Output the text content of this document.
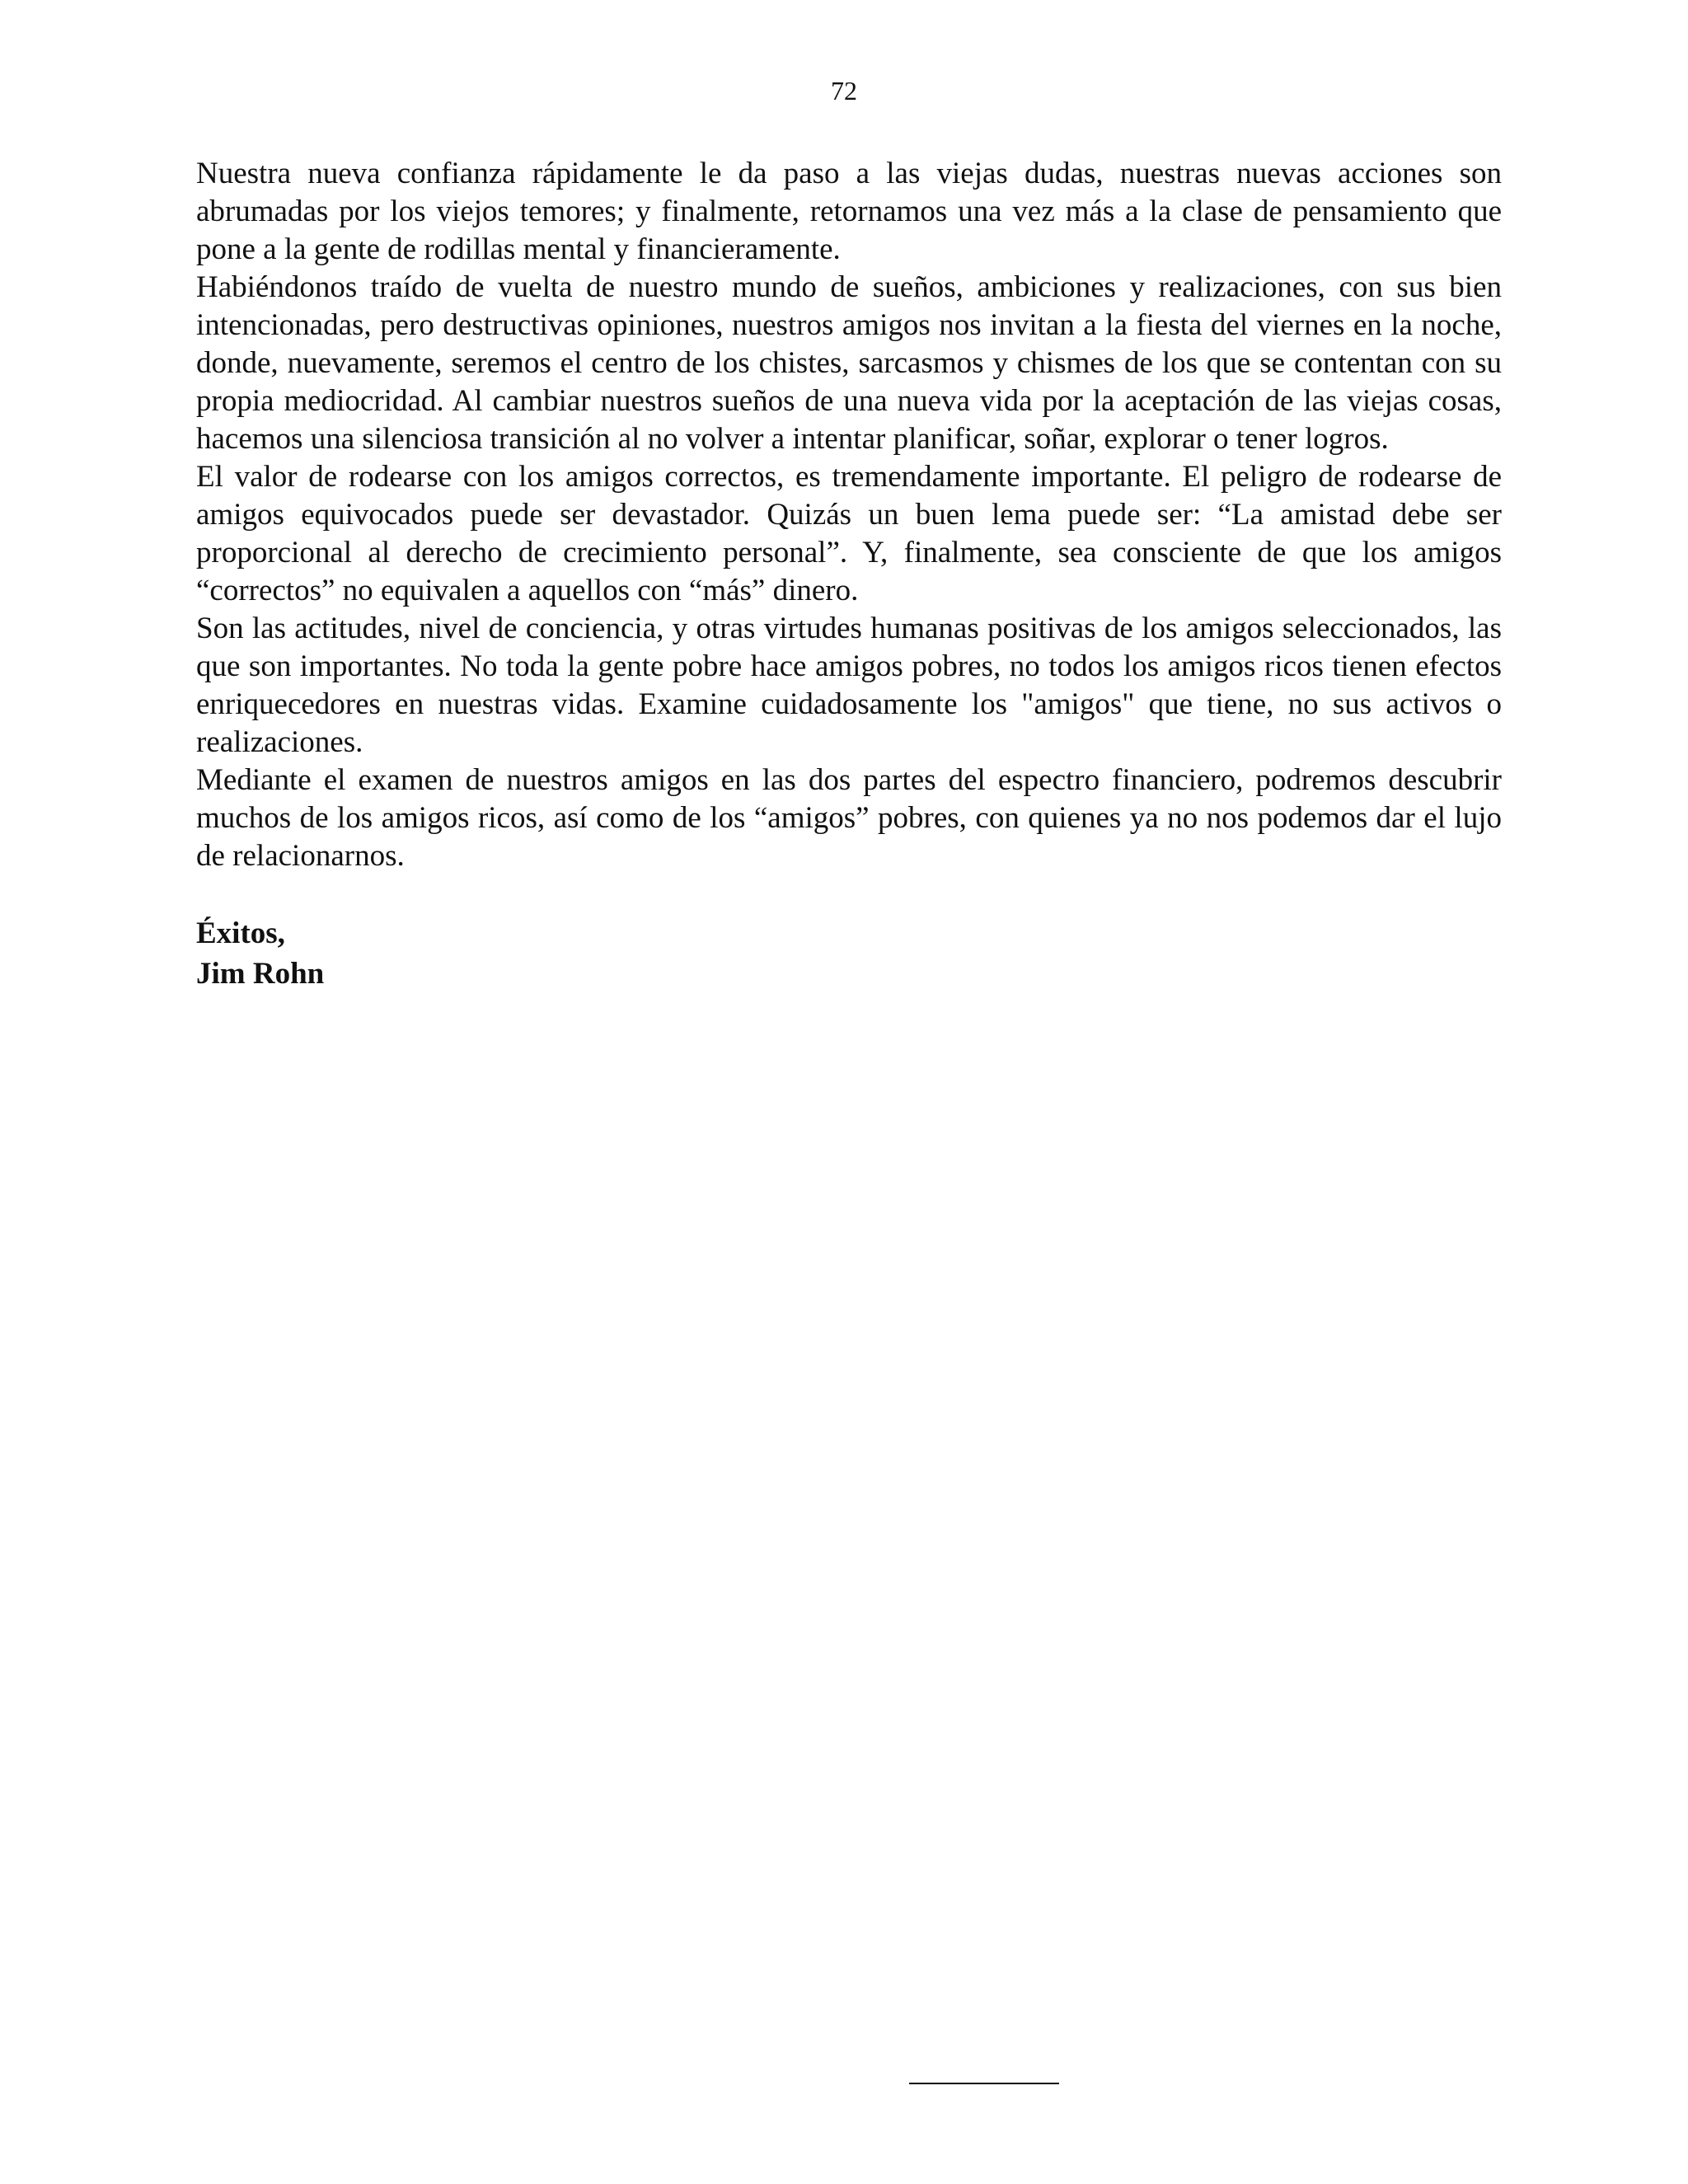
72

Nuestra nueva confianza rápidamente le da paso a las viejas dudas, nuestras nuevas acciones son abrumadas por los viejos temores; y finalmente, retornamos una vez más a la clase de pensamiento que pone a la gente de rodillas mental y financieramente.

Habiéndonos traído de vuelta de nuestro mundo de sueños, ambiciones y realizaciones, con sus bien intencionadas, pero destructivas opiniones, nuestros amigos nos invitan a la fiesta del viernes en la noche, donde, nuevamente, seremos el centro de los chistes, sarcasmos y chismes de los que se contentan con su propia mediocridad. Al cambiar nuestros sueños de una nueva vida por la aceptación de las viejas cosas, hacemos una silenciosa transición al no volver a intentar planificar, soñar, explorar o tener logros.

El valor de rodearse con los amigos correctos, es tremendamente importante. El peligro de rodearse de amigos equivocados puede ser devastador. Quizás un buen lema puede ser: “La amistad debe ser proporcional al derecho de crecimiento personal”. Y, finalmente, sea consciente de que los amigos “correctos” no equivalen a aquellos con “más” dinero.

Son las actitudes, nivel de conciencia, y otras virtudes humanas positivas de los amigos seleccionados, las que son importantes. No toda la gente pobre hace amigos pobres, no todos los amigos ricos tienen efectos enriquecedores en nuestras vidas. Examine cuidadosamente los "amigos" que tiene, no sus activos o realizaciones.

Mediante el examen de nuestros amigos en las dos partes del espectro financiero, podremos descubrir muchos de los amigos ricos, así como de los “amigos” pobres, con quienes ya no nos podemos dar el lujo de relacionarnos.

Éxitos,
Jim Rohn
